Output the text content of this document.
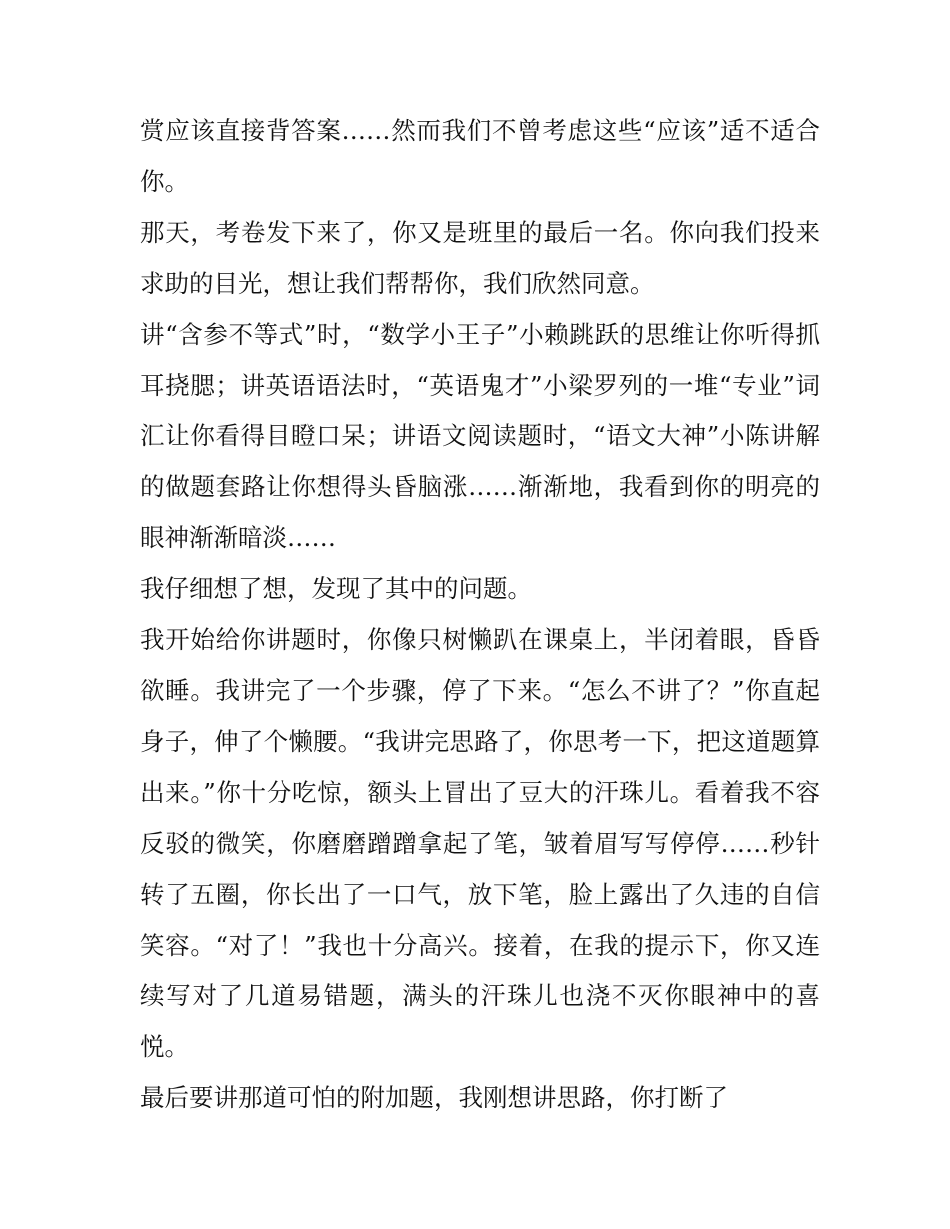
赏应该直接背答案……然而我们不曾考虑这些“应该”适不适合你。

那天，考卷发下来了，你又是班里的最后一名。你向我们投来求助的目光，想让我们帮帮你，我们欣然同意。

讲“含参不等式”时，“数学小王子”小赖跳跃的思维让你听得抓耳挠腮；讲英语语法时，“英语鬼才”小梁罗列的一堆“专业”词汇让你看得目瞪口呆；讲语文阅读题时，“语文大神”小陈讲解的做题套路让你想得头昏脑涨……渐渐地，我看到你的明亮的眼神渐渐暗淡……

我仔细想了想，发现了其中的问题。

我开始给你讲题时，你像只树懒趴在课桌上，半闭着眼，昏昏欲睡。我讲完了一个步骤，停了下来。“怎么不讲了？”你直起身子，伸了个懒腰。“我讲完思路了，你思考一下，把这道题算出来。”你十分吃惊，额头上冒出了豆大的汗珠儿。看着我不容反驳的微笑，你磨磨蹭蹭拿起了笔，皱着眉写写停停……秒针转了五圈，你长出了一口气，放下笔，脸上露出了久违的自信笑容。“对了！”我也十分高兴。接着，在我的提示下，你又连续写对了几道易错题，满头的汗珠儿也浇不灭你眼神中的喜悦。

最后要讲那道可怕的附加题，我刚想讲思路，你打断了
